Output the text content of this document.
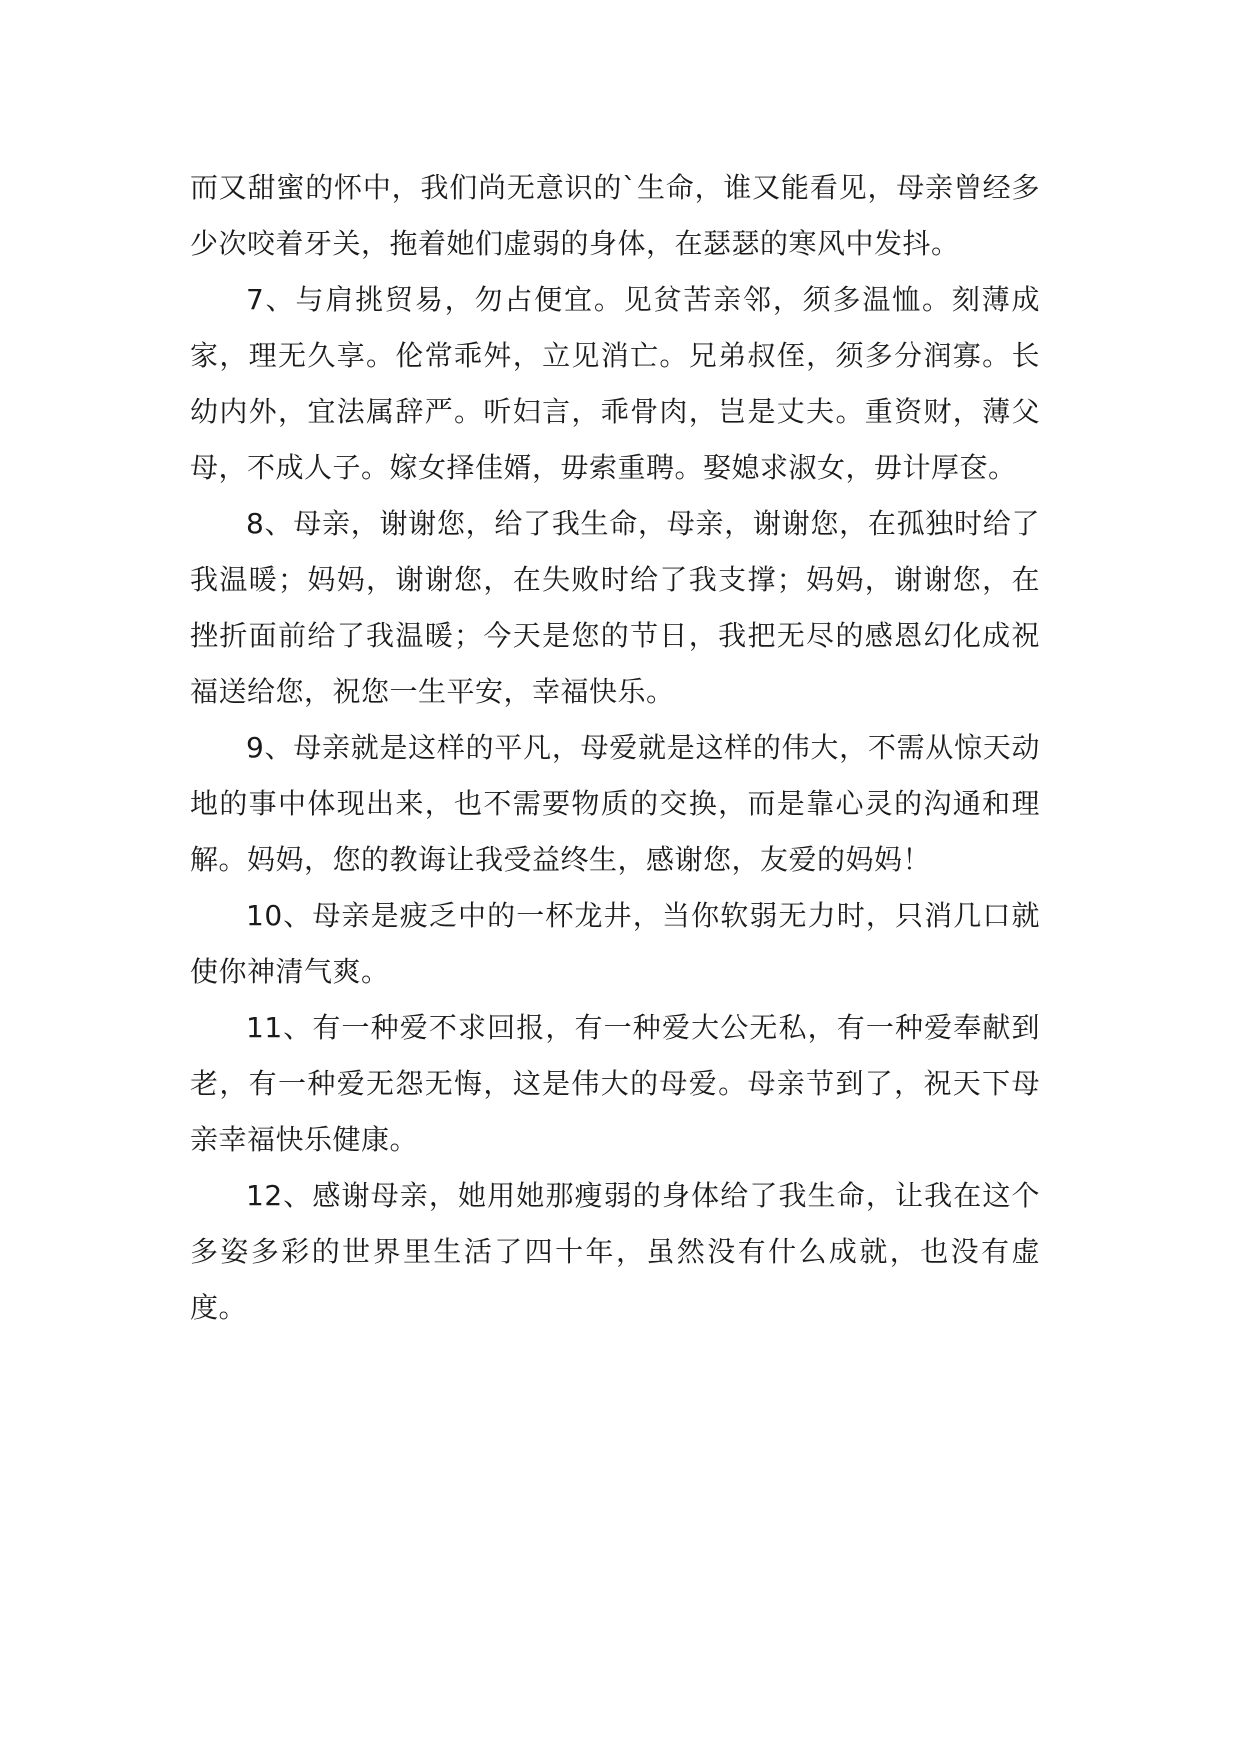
而又甜蜜的怀中，我们尚无意识的`生命，谁又能看见，母亲曾经多少次咬着牙关，拖着她们虚弱的身体，在瑟瑟的寒风中发抖。

7、与肩挑贸易，勿占便宜。见贫苦亲邻，须多温恤。刻薄成家，理无久享。伦常乖舛，立见消亡。兄弟叔侄，须多分润寡。长幼内外，宜法属辞严。听妇言，乖骨肉，岂是丈夫。重资财，薄父母，不成人子。嫁女择佳婿，毋索重聘。娶媳求淑女，毋计厚奁。

8、母亲，谢谢您，给了我生命，母亲，谢谢您，在孤独时给了我温暖；妈妈，谢谢您，在失败时给了我支撑；妈妈，谢谢您，在挫折面前给了我温暖；今天是您的节日，我把无尽的感恩幻化成祝福送给您，祝您一生平安，幸福快乐。

9、母亲就是这样的平凡，母爱就是这样的伟大，不需从惊天动地的事中体现出来，也不需要物质的交换，而是靠心灵的沟通和理解。妈妈，您的教诲让我受益终生，感谢您，友爱的妈妈！

10、母亲是疲乏中的一杯龙井，当你软弱无力时，只消几口就使你神清气爽。

11、有一种爱不求回报，有一种爱大公无私，有一种爱奉献到老，有一种爱无怨无悔，这是伟大的母爱。母亲节到了，祝天下母亲幸福快乐健康。

12、感谢母亲，她用她那瘦弱的身体给了我生命，让我在这个多姿多彩的世界里生活了四十年，虽然没有什么成就，也没有虚度。
